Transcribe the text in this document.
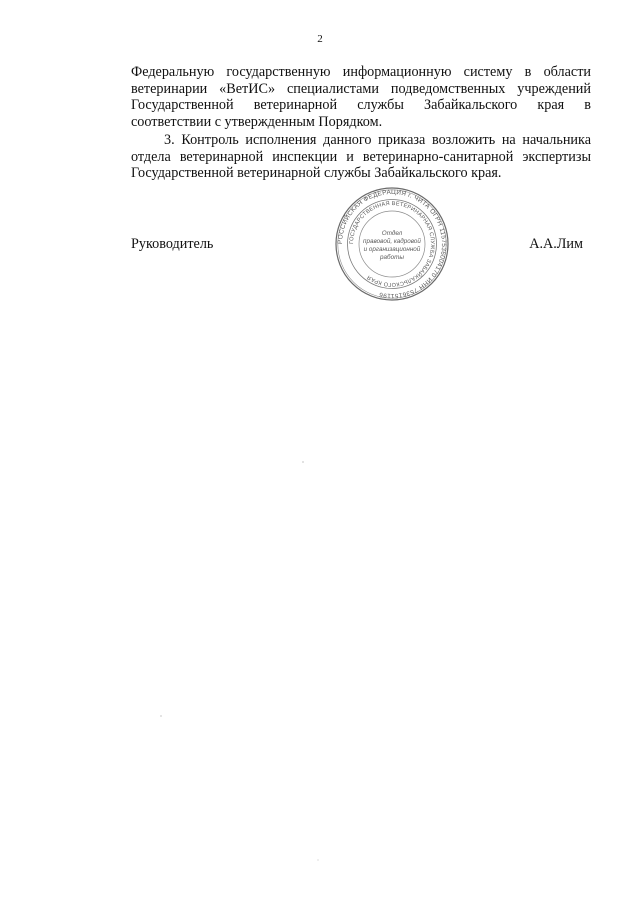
2

Федеральную государственную информационную систему в области ветеринарии «ВетИС» специалистами подведомственных учреждений Государственной ветеринарной службы Забайкальского края в соответствии с утвержденным Порядком.

3. Контроль исполнения данного приказа возложить на начальника отдела ветеринарной инспекции и ветеринарно-санитарной экспертизы Государственной ветеринарной службы Забайкальского края.

Руководитель	А.А.Лим
РОССИЙСКАЯ ФЕДЕРАЦИЯ г. ЧИТА ОГРН 1157536004170 ИНН 7536151196
ГОСУДАРСТВЕННАЯ ВЕТЕРИНАРНАЯ СЛУЖБА ЗАБАЙКАЛЬСКОГО КРАЯ
Отдел
правовой, кадровой
и организационной
работы
